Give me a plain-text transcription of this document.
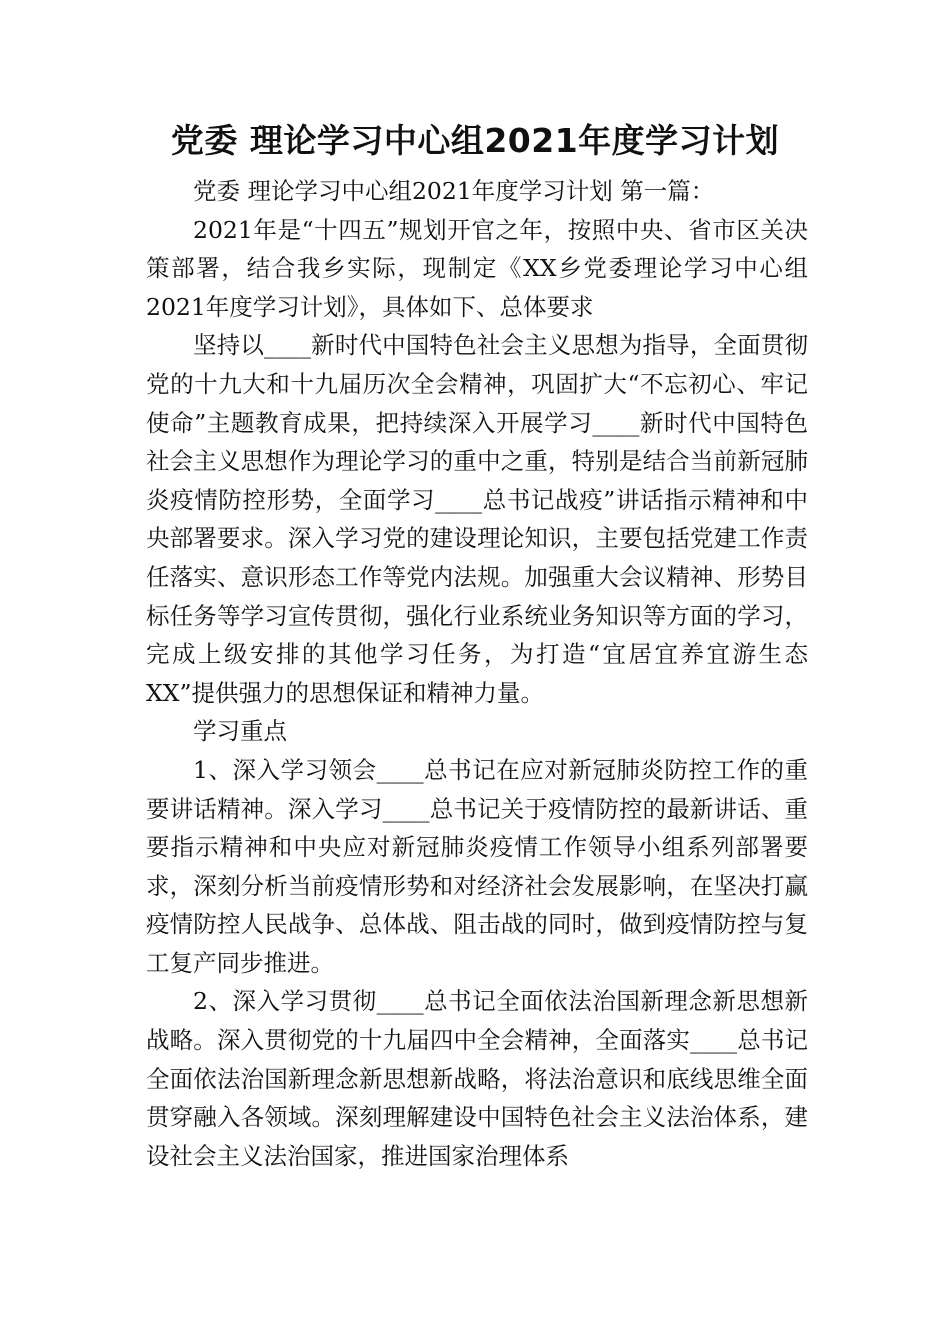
党委 理论学习中心组2021年度学习计划

党委 理论学习中心组2021年度学习计划 第一篇：

2021年是“十四五”规划开官之年，按照中央、省市区关决策部署，结合我乡实际，现制定《XX乡党委理论学习中心组2021年度学习计划》，具体如下、总体要求

坚持以____新时代中国特色社会主义思想为指导，全面贯彻党的十九大和十九届历次全会精神，巩固扩大“不忘初心、牢记使命”主题教育成果，把持续深入开展学习____新时代中国特色社会主义思想作为理论学习的重中之重，特别是结合当前新冠肺炎疫情防控形势，全面学习____总书记战疫”讲话指示精神和中央部署要求。深入学习党的建设理论知识，主要包括党建工作责任落实、意识形态工作等党内法规。加强重大会议精神、形势目标任务等学习宣传贯彻，强化行业系统业务知识等方面的学习，完成上级安排的其他学习任务，为打造“宜居宜养宜游生态XX”提供强力的思想保证和精神力量。

学习重点

1、深入学习领会____总书记在应对新冠肺炎防控工作的重要讲话精神。深入学习____总书记关于疫情防控的最新讲话、重要指示精神和中央应对新冠肺炎疫情工作领导小组系列部署要求，深刻分析当前疫情形势和对经济社会发展影响，在坚决打赢疫情防控人民战争、总体战、阻击战的同时，做到疫情防控与复工复产同步推进。

2、深入学习贯彻____总书记全面依法治国新理念新思想新战略。深入贯彻党的十九届四中全会精神，全面落实____总书记全面依法治国新理念新思想新战略，将法治意识和底线思维全面贯穿融入各领域。深刻理解建设中国特色社会主义法治体系，建设社会主义法治国家，推进国家治理体系
